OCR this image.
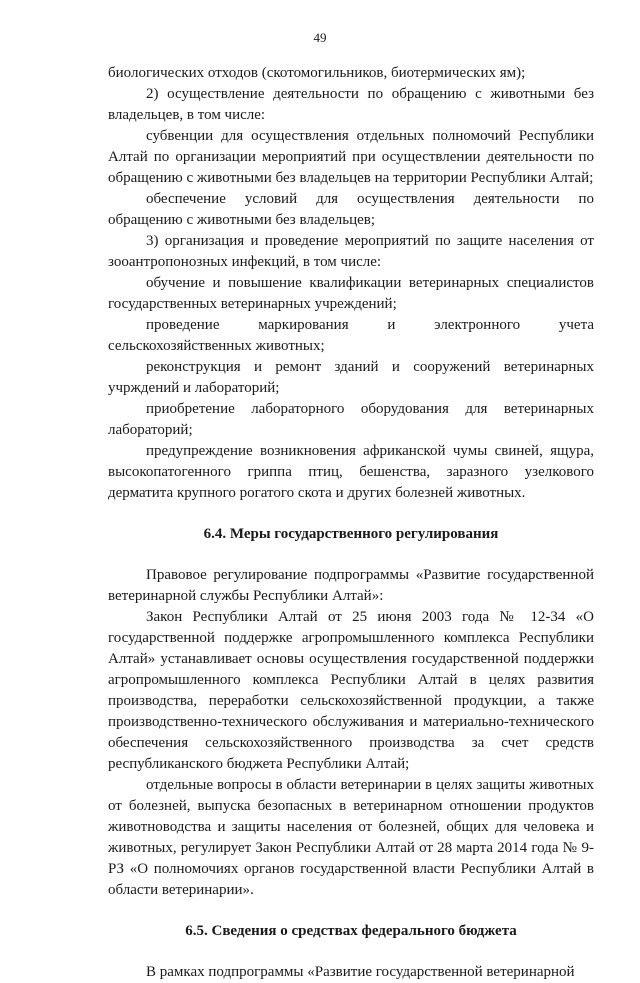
49

биологических отходов (скотомогильников, биотермических ям);

2) осуществление деятельности по обращению с животными без владельцев, в том числе:

субвенции для осуществления отдельных полномочий Республики Алтай по организации мероприятий при осуществлении деятельности по обращению с животными без владельцев на территории Республики Алтай;

обеспечение условий для осуществления деятельности по обращению с животными без владельцев;

3) организация и проведение мероприятий по защите населения от зооантропонозных инфекций, в том числе:

обучение и повышение квалификации ветеринарных специалистов государственных ветеринарных учреждений;

проведение маркирования и электронного учета сельскохозяйственных животных;

реконструкция и ремонт зданий и сооружений ветеринарных учрждений и лабораторий;

приобретение лабораторного оборудования для ветеринарных лабораторий;

предупреждение возникновения африканской чумы свиней, ящура, высокопатогенного гриппа птиц, бешенства, заразного узелкового дерматита крупного рогатого скота и других болезней животных.

6.4. Меры государственного регулирования

Правовое регулирование подпрограммы «Развитие государственной ветеринарной службы Республики Алтай»:

Закон Республики Алтай от 25 июня 2003 года № 12-34 «О государственной поддержке агропромышленного комплекса Республики Алтай» устанавливает основы осуществления государственной поддержки агропромышленного комплекса Республики Алтай в целях развития производства, переработки сельскохозяйственной продукции, а также производственно-технического обслуживания и материально-технического обеспечения сельскохозяйственного производства за счет средств республиканского бюджета Республики Алтай;

отдельные вопросы в области ветеринарии в целях защиты животных от болезней, выпуска безопасных в ветеринарном отношении продуктов животноводства и защиты населения от болезней, общих для человека и животных, регулирует Закон Республики Алтай от 28 марта 2014 года № 9-РЗ «О полномочиях органов государственной власти Республики Алтай в области ветеринарии».

6.5. Сведения о средствах федерального бюджета

В рамках подпрограммы «Развитие государственной ветеринарной
